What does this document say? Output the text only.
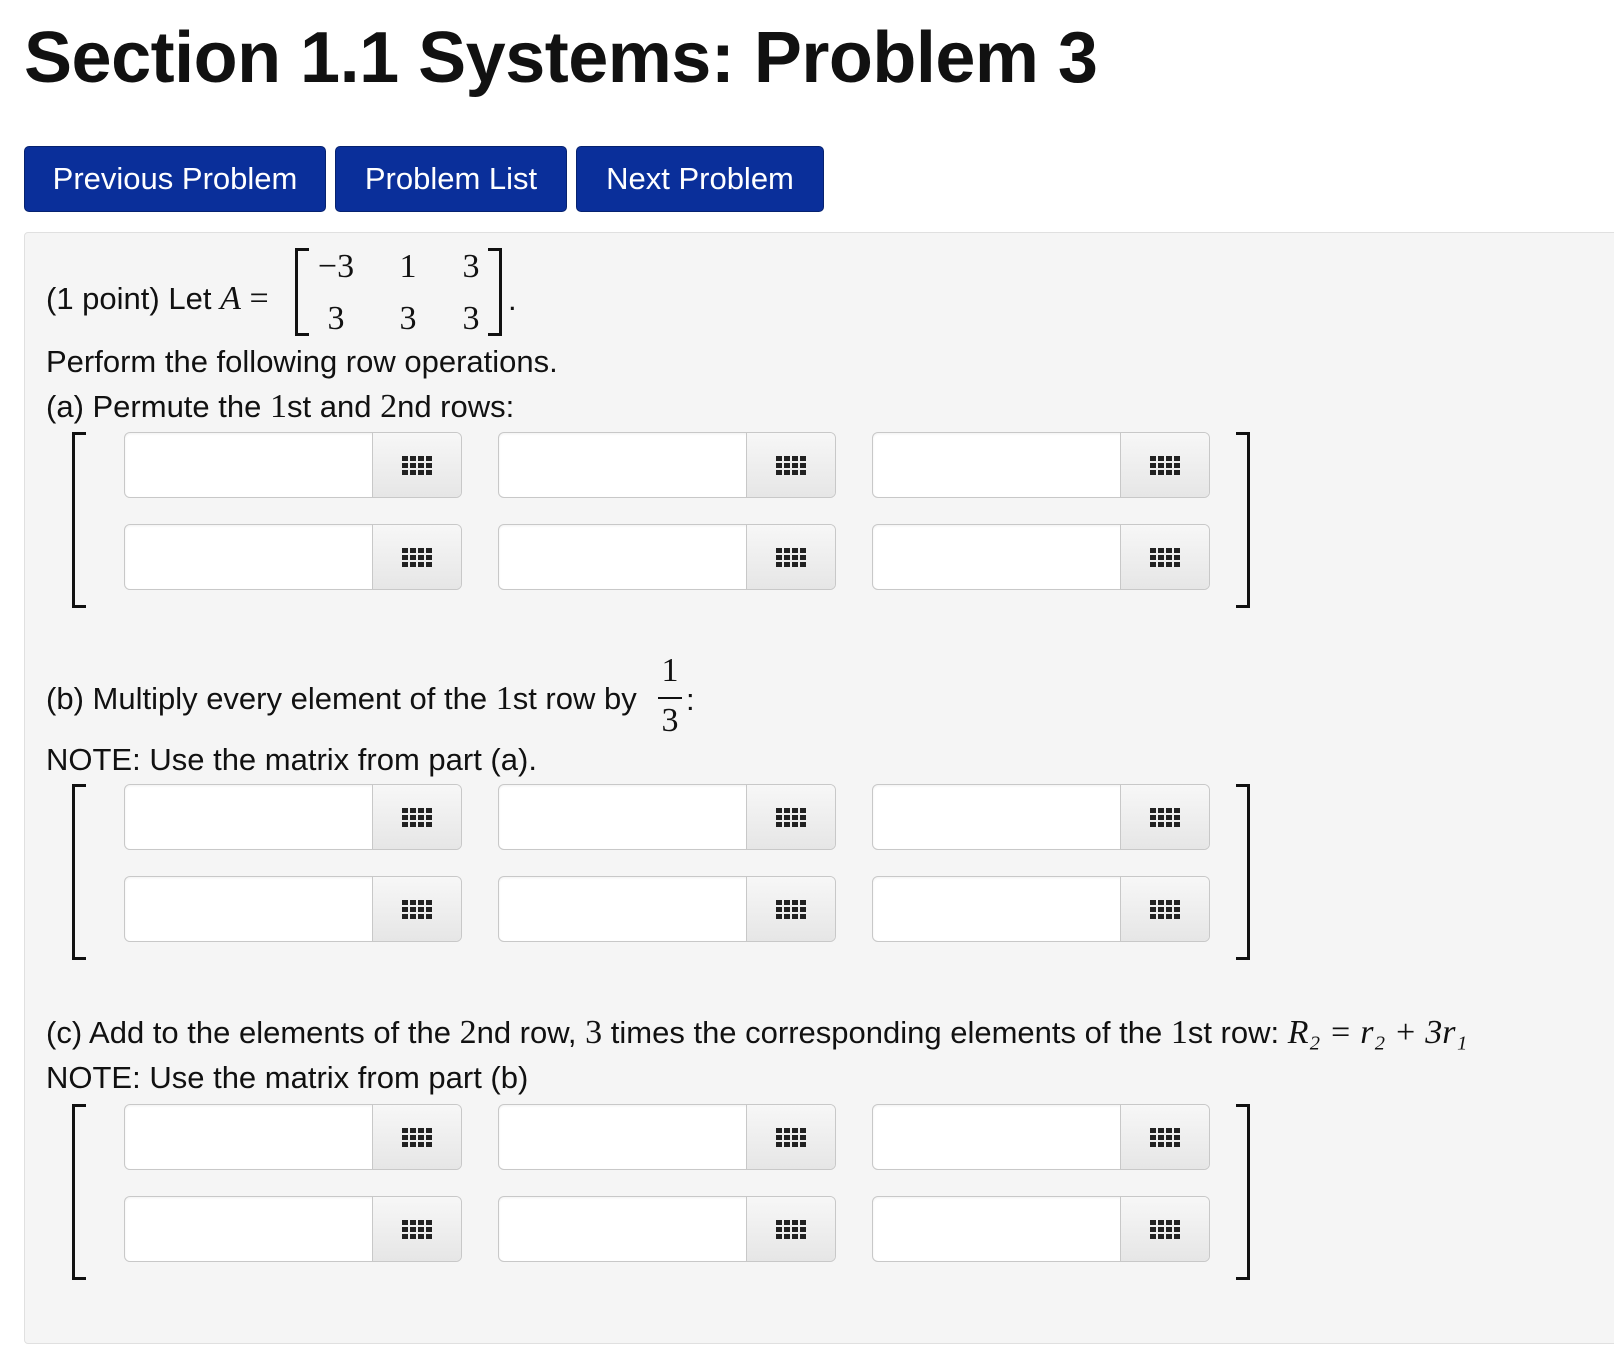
Section 1.1 Systems: Problem 3
Previous Problem	Problem List	Next Problem
(1 point) Let A =
−3	1	3
3	3	3
.
Perform the following row operations.
(a) Permute the 1st and 2nd rows:
(b) Multiply every element of the 1st row by
1
3
:
NOTE: Use the matrix from part (a).
(c) Add to the elements of the 2nd row, 3 times the corresponding elements of the 1st row: R₂ = r₂ + 3r₁
NOTE: Use the matrix from part (b)
